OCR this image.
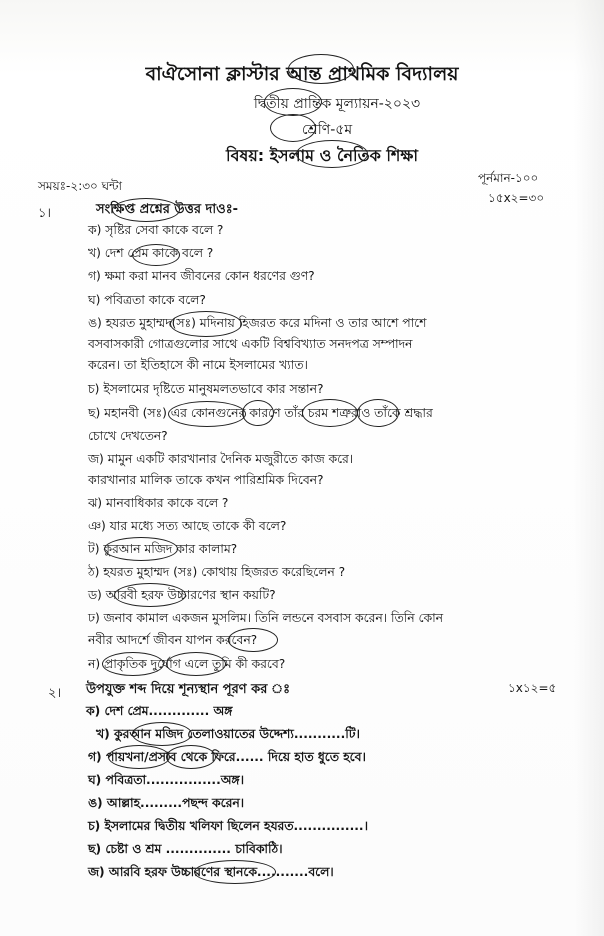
বাঐসোনা ক্লাস্টার আন্ত প্রাথমিক বিদ্যালয়
দ্বিতীয় প্রান্তিক মূল্যায়ন-২০২৩
শ্রেণি-৫ম
বিষয়: ইসলাম ও নৈতিক শিক্ষা
সময়ঃ-২:৩০ ঘন্টা
পূর্নমান-১০০
১।	সংক্ষিপ্ত প্রশ্নের উত্তর দাওঃ-
১৫x২=৩০
ক) সৃষ্টির সেবা কাকে বলে ?
খ) দেশ প্রেম কাকে বলে ?
গ) ক্ষমা করা মানব জীবনের কোন ধরণের গুণ?
ঘ) পবিত্রতা কাকে বলে?
ঙ) হযরত মুহাম্মদ(সঃ) মদিনায় হিজরত করে মদিনা ও তার আশে পাশে
বসবাসকারী গোত্রগুলোর সাথে একটি বিশ্ববিখ্যাত সনদপত্র সম্পাদন
করেন। তা ইতিহাসে কী নামে ইসলামের খ্যাত।
চ) ইসলামের দৃষ্টিতে মানুষমলতভাবে কার সন্তান?
ছ) মহানবী (সঃ) এর কোনগুনের কারণে তাঁর চরম শত্রুরাও তাঁকে শ্রদ্ধার
চোখে দেখতেন?
জ) মামুন একটি কারখানার দৈনিক মজুরীতে কাজ করে।
কারখানার মালিক তাকে কখন পারিশ্রমিক দিবেন?
ঝ) মানবাধিকার কাকে বলে ?
ঞ) যার মধ্যে সত্য আছে তাকে কী বলে?
ট) কুরআন মজিদ কার কালাম?
ঠ) হযরত মুহাম্মদ (সঃ) কোথায় হিজরত করেছিলেন ?
ড) আরবী হরফ উচ্চারণের স্থান কয়টি?
ঢ) জনাব কামাল একজন মুসলিম। তিনি লন্ডনে বসবাস করেন। তিনি কোন
নবীর আদর্শে জীবন যাপন করবেন?
ন) প্রাকৃতিক দুর্যোগ এলে তুমি কী করবে?
২। উপযুক্ত শব্দ দিয়ে শূন্যস্থান পূরণ কর ঃ	১x১২=৫
ক) দেশ প্রেম............. অঙ্গ
খ) কুরআন মজিদ তেলাওয়াতের উদ্দেশ্য...........টি।
গ) পায়খনা/প্রসাব থেকে ফিরে...... দিয়ে হাত ধুতে হবে।
ঘ) পবিত্রতা................অঙ্গ।
ঙ) আল্লাহ.........পছন্দ করেন।
চ) ইসলামের দ্বিতীয় খলিফা ছিলেন হযরত...............।
ছ) চেষ্টা ও শ্রম .............. চাবিকাঠি।
জ) আরবি হরফ উচ্চারণের স্থানকে...........বলে।
